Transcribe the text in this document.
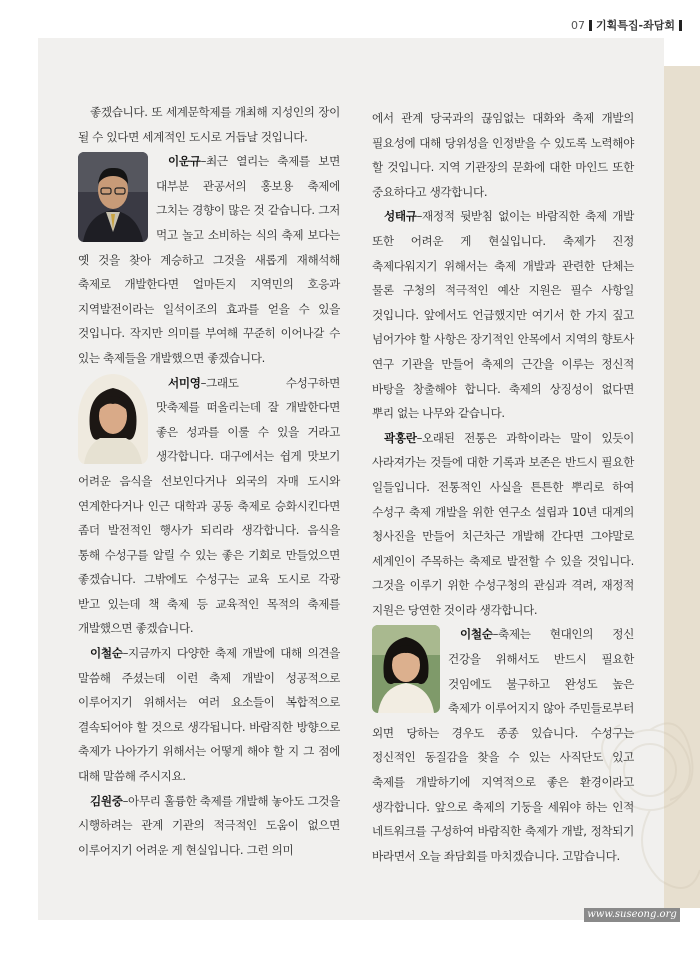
07 기획특집-좌담회

좋겠습니다. 또 세계문학제를 개최해 지성인의 장이 될 수 있다면 세계적인 도시로 거듭날 것입니다.

이운규–최근 열리는 축제를 보면 대부분 관공서의 홍보용 축제에 그치는 경향이 많은 것 같습니다. 그저 먹고 놀고 소비하는 식의 축제 보다는 옛 것을 찾아 계승하고 그것을 새롭게 재해석해 축제로 개발한다면 얼마든지 지역민의 호응과 지역발전이라는 일석이조의 효과를 얻을 수 있을 것입니다. 작지만 의미를 부여해 꾸준히 이어나갈 수 있는 축제들을 개발했으면 좋겠습니다.

서미영–그래도 수성구하면 맛축제를 떠올리는데 잘 개발한다면 좋은 성과를 이룰 수 있을 거라고 생각합니다. 대구에서는 쉽게 맛보기 어려운 음식을 선보인다거나 외국의 자매 도시와 연계한다거나 인근 대학과 공동 축제로 승화시킨다면 좀더 발전적인 행사가 되리라 생각합니다. 음식을 통해 수성구를 알릴 수 있는 좋은 기회로 만들었으면 좋겠습니다. 그밖에도 수성구는 교육 도시로 각광 받고 있는데 책 축제 등 교육적인 목적의 축제를 개발했으면 좋겠습니다.

이철순–지금까지 다양한 축제 개발에 대해 의견을 말씀해 주셨는데 이런 축제 개발이 성공적으로 이루어지기 위해서는 여러 요소들이 복합적으로 결속되어야 할 것으로 생각됩니다. 바람직한 방향으로 축제가 나아가기 위해서는 어떻게 해야 할 지 그 점에 대해 말씀해 주시지요.

김원중–아무리 훌륭한 축제를 개발해 놓아도 그것을 시행하려는 관계 기관의 적극적인 도움이 없으면 이루어지기 어려운 게 현실입니다. 그런 의미

에서 관계 당국과의 끊임없는 대화와 축제 개발의 필요성에 대해 당위성을 인정받을 수 있도록 노력해야 할 것입니다. 지역 기관장의 문화에 대한 마인드 또한 중요하다고 생각합니다.

성태규–재정적 뒷받침 없이는 바람직한 축제 개발 또한 어려운 게 현실입니다. 축제가 진정 축제다워지기 위해서는 축제 개발과 관련한 단체는 물론 구청의 적극적인 예산 지원은 필수 사항일 것입니다. 앞에서도 언급했지만 여기서 한 가지 짚고 넘어가야 할 사항은 장기적인 안목에서 지역의 향토사 연구 기관을 만들어 축제의 근간을 이루는 정신적 바탕을 창출해야 합니다. 축제의 상징성이 없다면 뿌리 없는 나무와 같습니다.

곽홍란–오래된 전통은 과학이라는 말이 있듯이 사라져가는 것들에 대한 기록과 보존은 반드시 필요한 일들입니다. 전통적인 사실을 튼튼한 뿌리로 하여 수성구 축제 개발을 위한 연구소 설립과 10년 대계의 청사진을 만들어 치근차근 개발해 간다면 그야말로 세계인이 주목하는 축제로 발전할 수 있을 것입니다. 그것을 이루기 위한 수성구청의 관심과 격려, 재정적 지원은 당연한 것이라 생각합니다.

이철순–축제는 현대인의 정신 건강을 위해서도 반드시 필요한 것임에도 불구하고 완성도 높은 축제가 이루어지지 않아 주민들로부터 외면 당하는 경우도 종종 있습니다. 수성구는 정신적인 동질감을 찾을 수 있는 사직단도 있고 축제를 개발하기에 지역적으로 좋은 환경이라고 생각합니다. 앞으로 축제의 기둥을 세워야 하는 인적 네트워크를 구성하여 바람직한 축제가 개발, 정착되기 바라면서 오늘 좌담회를 마치겠습니다. 고맙습니다.

www.suseong.org
